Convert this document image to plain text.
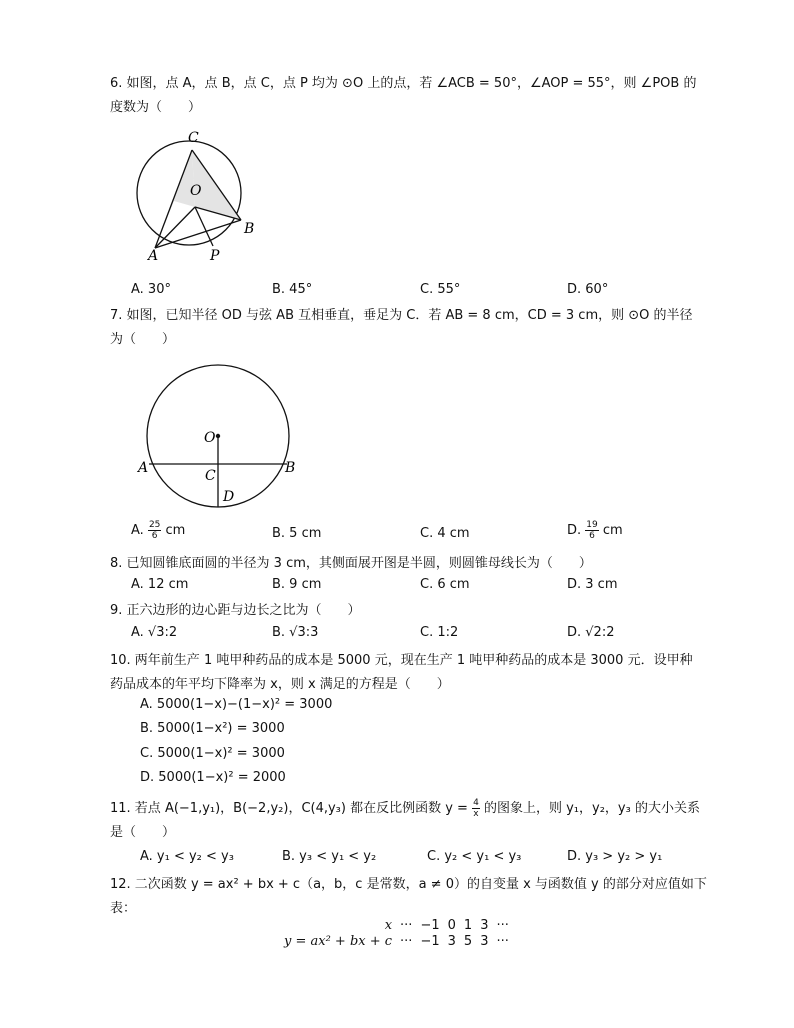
6. 如图，点 A，点 B，点 C，点 P 均为 ⊙O 上的点，若 ∠ACB = 50°，∠AOP = 55°，则 ∠POB 的
度数为（　　）
C
O
A
B
P
A. 30°	B. 45°	C. 55°	D. 60°
7. 如图，已知半径 OD 与弦 AB 互相垂直，垂足为 C．若 AB = 8 cm，CD = 3 cm，则 ⊙O 的半径
为（　　）
O
A	B
C
D
A. $\frac{25}{6}$ cm	B. 5 cm	C. 4 cm	D. $\frac{19}{6}$ cm
8. 已知圆锥底面圆的半径为 3 cm，其侧面展开图是半圆，则圆锥母线长为（　　）
A. 12 cm	B. 9 cm	C. 6 cm	D. 3 cm
9. 正六边形的边心距与边长之比为（　　）
A. √3:2	B. √3:3	C. 1:2	D. √2:2
10. 两年前生产 1 吨甲种药品的成本是 5000 元，现在生产 1 吨甲种药品的成本是 3000 元．设甲种
药品成本的年平均下降率为 x，则 x 满足的方程是（　　）
A. 5000(1−x)−(1−x)² = 3000
B. 5000(1−x²) = 3000
C. 5000(1−x)² = 3000
D. 5000(1−x)² = 2000
11. 若点 A(−1,y₁)，B(−2,y₂)，C(4,y₃) 都在反比例函数 $y = \frac{4}{x}$ 的图象上，则 y₁，y₂，y₃ 的大小关系
是（　　）
A. y₁ < y₂ < y₃	B. y₃ < y₁ < y₂	C. y₂ < y₁ < y₃	D. y₃ > y₂ > y₁
12. 二次函数 y = ax² + bx + c（a，b，c 是常数，a ≠ 0）的自变量 x 与函数值 y 的部分对应值如下
表：
x	···	−1	0	1	3	···
y = ax² + bx + c	···	−1	3	5	3	···
